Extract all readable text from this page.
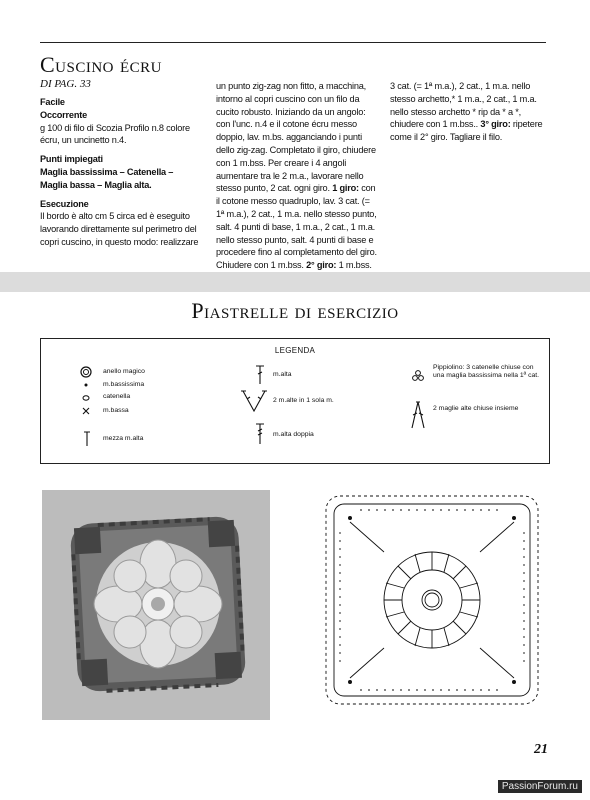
Cuscino écru
DI PAG. 33
Facile
Occorrente
g 100 di filo di Scozia Profilo n.8 colore écru, un uncinetto n.4.
Punti impiegati
Maglia bassissima – Catenella – Maglia bassa – Maglia alta.
Esecuzione
Il bordo è alto cm 5 circa ed è eseguito lavorando direttamente sul perimetro del copri cuscino, in questo modo: realizzare
un punto zig-zag non fitto, a macchina, intorno al copri cuscino con un filo da cucito robusto. Iniziando da un angolo: con l'unc. n.4 e il cotone écru messo doppio, lav. m.bs. agganciando i punti dello zig-zag. Completato il giro, chiudere con 1 m.bss. Per creare i 4 angoli aumentare tra le 2 m.a., lavorare nello stesso punto, 2 cat. ogni giro. 1 giro: con il cotone messo quadruplo, lav. 3 cat. (= 1ª m.a.), 2 cat., 1 m.a. nello stesso punto, salt. 4 punti di base, 1 m.a., 2 cat., 1 m.a. nello stesso punto, salt. 4 punti di base e procedere fino al completamento del giro. Chiudere con 1 m.bss. 2° giro: 1 m.bss.
3 cat. (= 1ª m.a.), 2 cat., 1 m.a. nello stesso archetto,* 1 m.a., 2 cat., 1 m.a. nello stesso archetto * rip da * a *, chiudere con 1 m.bss.. 3° giro: ripetere come il 2° giro. Tagliare il filo.
Piastrelle di esercizio
LEGENDA
anello magico
m.bassissima
catenella
m.bassa
mezza m.alta
m.alta
2 m.alte in 1 sola m.
m.alta doppia
Pippiolino: 3 catenelle chiuse con una maglia bassissima nella 1ª cat.
2 maglie alte chiuse insieme
21
PassionForum.ru
